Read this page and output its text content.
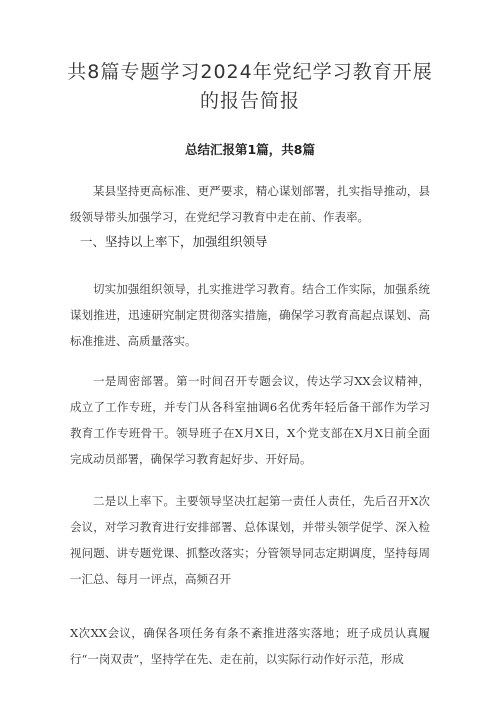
共8篇专题学习2024年党纪学习教育开展
的报告简报
总结汇报第1篇，共8篇
某县坚持更高标准、更严要求，精心谋划部署，扎实指导推动，县级领导带头加强学习，在党纪学习教育中走在前、作表率。
一、坚持以上率下，加强组织领导
切实加强组织领导，扎实推进学习教育。结合工作实际，加强系统谋划推进，迅速研究制定贯彻落实措施，确保学习教育高起点谋划、高标准推进、高质量落实。
一是周密部署。第一时间召开专题会议，传达学习XX会议精神，成立了工作专班，并专门从各科室抽调6名优秀年轻后备干部作为学习教育工作专班骨干。领导班子在X月X日，X个党支部在X月X日前全面完成动员部署，确保学习教育起好步、开好局。
二是以上率下。主要领导坚决扛起第一责任人责任，先后召开X次会议，对学习教育进行安排部署、总体谋划，并带头领学促学、深入检视问题、讲专题党课、抓整改落实；分管领导同志定期调度，坚持每周一汇总、每月一评点，高频召开
X次XX会议，确保各项任务有条不紊推进落实落地；班子成员认真履行“一岗双责”，坚持学在先、走在前，以实际行动作好示范，形成
